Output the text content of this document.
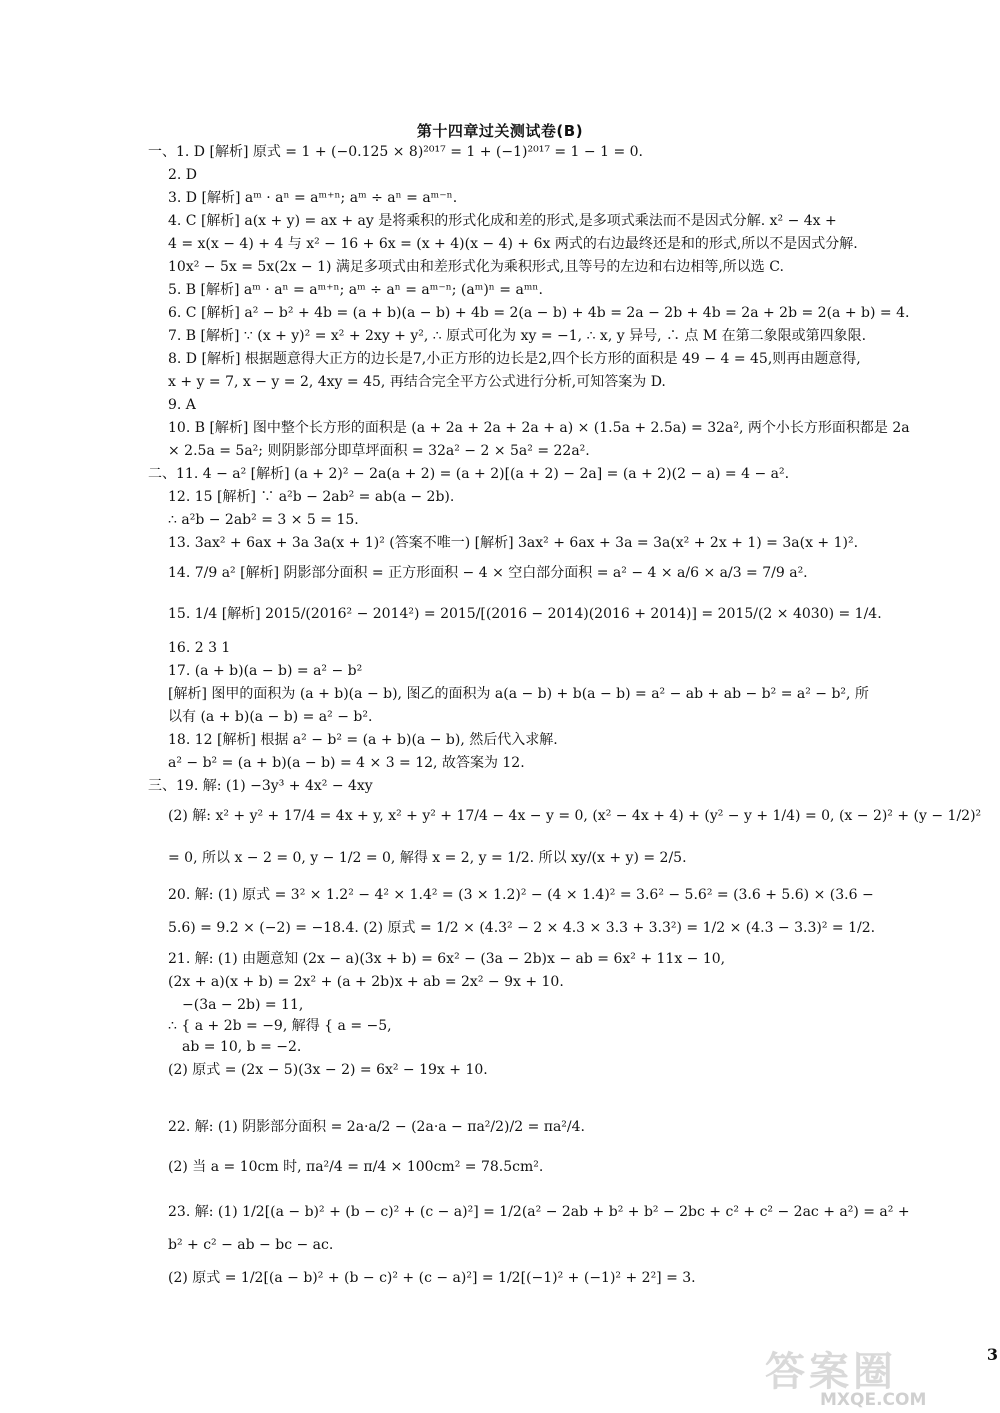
第十四章过关测试卷(B)
一、1. D [解析] 原式 = 1 + (−0.125 × 8)²⁰¹⁷ = 1 + (−1)²⁰¹⁷ = 1 − 1 = 0.
2. D
3. D [解析] aᵐ · aⁿ = aᵐ⁺ⁿ; aᵐ ÷ aⁿ = aᵐ⁻ⁿ.
4. C [解析] a(x + y) = ax + ay 是将乘积的形式化成和差的形式,是多项式乘法而不是因式分解. x² − 4x +
4 = x(x − 4) + 4 与 x² − 16 + 6x = (x + 4)(x − 4) + 6x 两式的右边最终还是和的形式,所以不是因式分解.
10x² − 5x = 5x(2x − 1) 满足多项式由和差形式化为乘积形式,且等号的左边和右边相等,所以选 C.
5. B [解析] aᵐ · aⁿ = aᵐ⁺ⁿ; aᵐ ÷ aⁿ = aᵐ⁻ⁿ; (aᵐ)ⁿ = aᵐⁿ.
6. C [解析] a² − b² + 4b = (a + b)(a − b) + 4b = 2(a − b) + 4b = 2a − 2b + 4b = 2a + 2b = 2(a + b) = 4.
7. B [解析] ∵ (x + y)² = x² + 2xy + y², ∴ 原式可化为 xy = −1, ∴ x, y 异号, ∴ 点 M 在第二象限或第四象限.
8. D [解析] 根据题意得大正方的边长是7,小正方形的边长是2,四个长方形的面积是 49 − 4 = 45,则再由题意得,
x + y = 7, x − y = 2, 4xy = 45, 再结合完全平方公式进行分析,可知答案为 D.
9. A
10. B [解析] 图中整个长方形的面积是 (a + 2a + 2a + 2a + a) × (1.5a + 2.5a) = 32a², 两个小长方形面积都是 2a
× 2.5a = 5a²; 则阴影部分即草坪面积 = 32a² − 2 × 5a² = 22a².
二、11. 4 − a² [解析] (a + 2)² − 2a(a + 2) = (a + 2)[(a + 2) − 2a] = (a + 2)(2 − a) = 4 − a².
12. 15 [解析] ∵ a²b − 2ab² = ab(a − 2b).
∴ a²b − 2ab² = 3 × 5 = 15.
13. 3ax² + 6ax + 3a 3a(x + 1)² (答案不唯一) [解析] 3ax² + 6ax + 3a = 3a(x² + 2x + 1) = 3a(x + 1)².
14. 7/9 a² [解析] 阴影部分面积 = 正方形面积 − 4 × 空白部分面积 = a² − 4 × a/6 × a/3 = 7/9 a².
15. 1/4 [解析] 2015/(2016² − 2014²) = 2015/[(2016 − 2014)(2016 + 2014)] = 2015/(2 × 4030) = 1/4.
16. 2 3 1
17. (a + b)(a − b) = a² − b²
[解析] 图甲的面积为 (a + b)(a − b), 图乙的面积为 a(a − b) + b(a − b) = a² − ab + ab − b² = a² − b², 所
以有 (a + b)(a − b) = a² − b².
18. 12 [解析] 根据 a² − b² = (a + b)(a − b), 然后代入求解.
a² − b² = (a + b)(a − b) = 4 × 3 = 12, 故答案为 12.
三、19. 解: (1) −3y³ + 4x² − 4xy
(2) 解: x² + y² + 17/4 = 4x + y, x² + y² + 17/4 − 4x − y = 0, (x² − 4x + 4) + (y² − y + 1/4) = 0, (x − 2)² + (y − 1/2)²
= 0, 所以 x − 2 = 0, y − 1/2 = 0, 解得 x = 2, y = 1/2. 所以 xy/(x + y) = 2/5.
20. 解: (1) 原式 = 3² × 1.2² − 4² × 1.4² = (3 × 1.2)² − (4 × 1.4)² = 3.6² − 5.6² = (3.6 + 5.6) × (3.6 −
5.6) = 9.2 × (−2) = −18.4. (2) 原式 = 1/2 × (4.3² − 2 × 4.3 × 3.3 + 3.3²) = 1/2 × (4.3 − 3.3)² = 1/2.
21. 解: (1) 由题意知 (2x − a)(3x + b) = 6x² − (3a − 2b)x − ab = 6x² + 11x − 10,
(2x + a)(x + b) = 2x² + (a + 2b)x + ab = 2x² − 9x + 10.
−(3a − 2b) = 11,
∴ { a + 2b = −9, 解得 { a = −5,
ab = 10, b = −2.
(2) 原式 = (2x − 5)(3x − 2) = 6x² − 19x + 10.
22. 解: (1) 阴影部分面积 = 2a·a/2 − (2a·a − πa²/2)/2 = πa²/4.
(2) 当 a = 10cm 时, πa²/4 = π/4 × 100cm² = 78.5cm².
23. 解: (1) 1/2[(a − b)² + (b − c)² + (c − a)²] = 1/2(a² − 2ab + b² + b² − 2bc + c² + c² − 2ac + a²) = a² +
b² + c² − ab − bc − ac.
(2) 原式 = 1/2[(a − b)² + (b − c)² + (c − a)²] = 1/2[(−1)² + (−1)² + 2²] = 3.
3
答案圈
MXQE.COM
